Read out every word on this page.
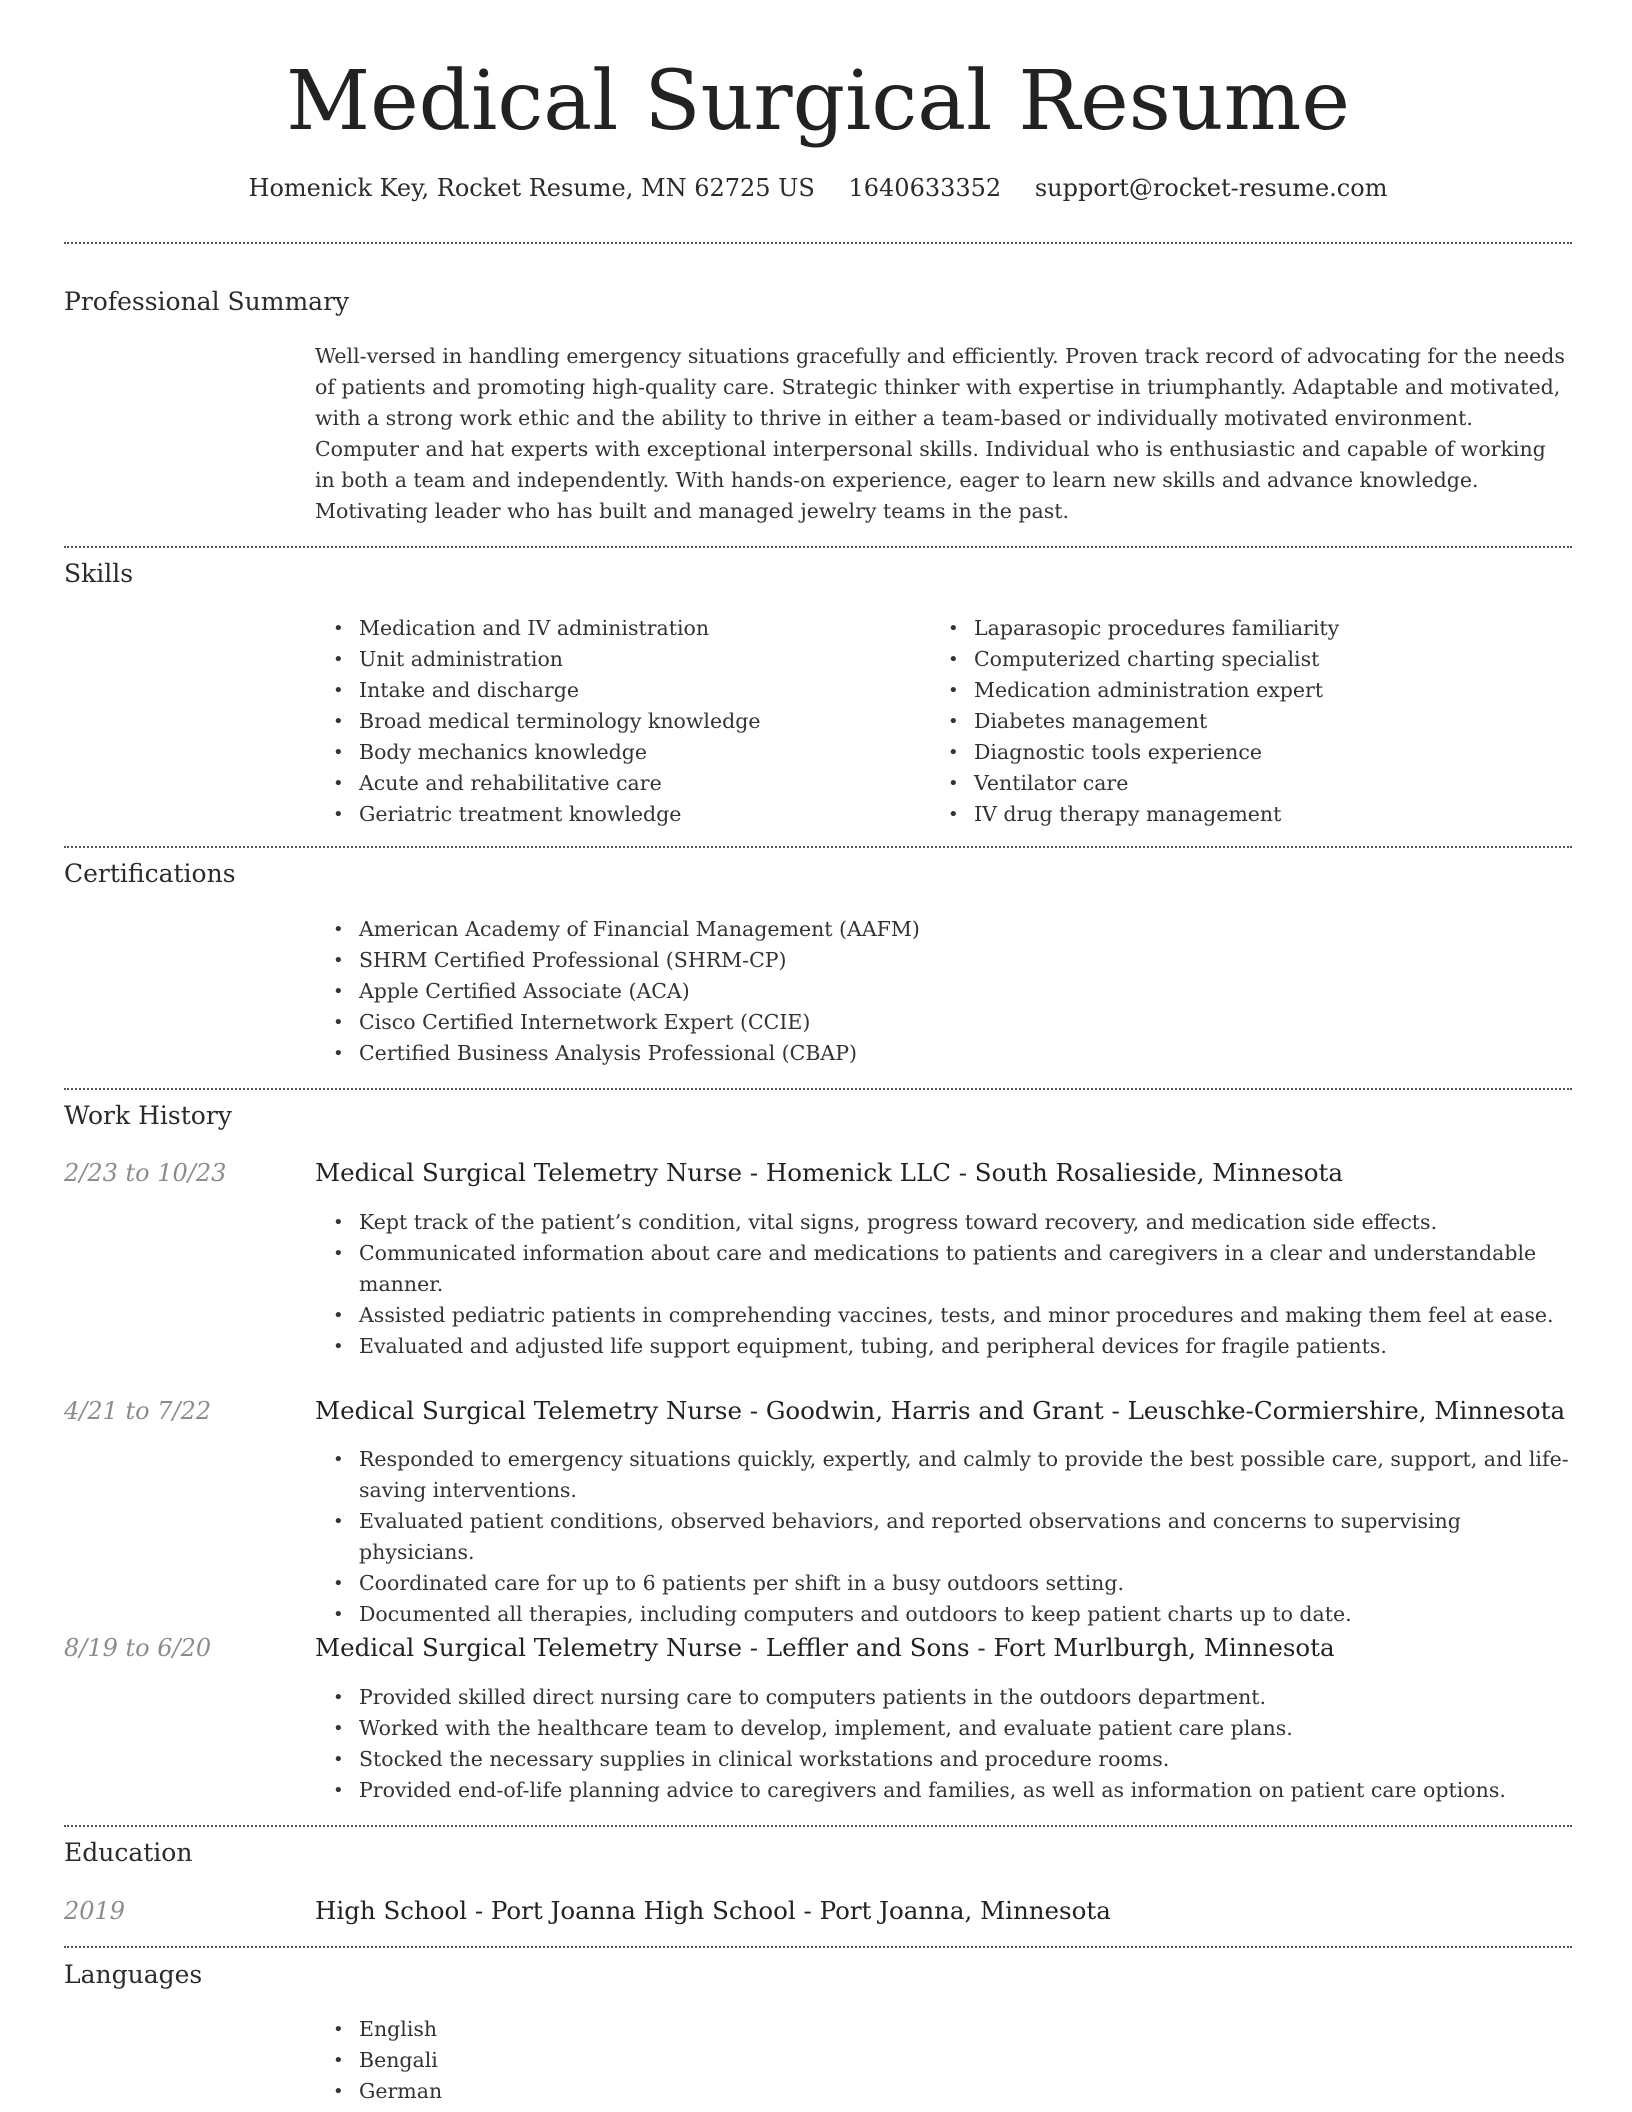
Medical Surgical Resume
Homenick Key, Rocket Resume, MN 62725 US 1640633352 support@rocket-resume.com
Professional Summary
Well-versed in handling emergency situations gracefully and efficiently. Proven track record of advocating for the needs of patients and promoting high-quality care. Strategic thinker with expertise in triumphantly. Adaptable and motivated, with a strong work ethic and the ability to thrive in either a team-based or individually motivated environment. Computer and hat experts with exceptional interpersonal skills. Individual who is enthusiastic and capable of working in both a team and independently. With hands-on experience, eager to learn new skills and advance knowledge. Motivating leader who has built and managed jewelry teams in the past.
Skills
• Medication and IV administration
• Unit administration
• Intake and discharge
• Broad medical terminology knowledge
• Body mechanics knowledge
• Acute and rehabilitative care
• Geriatric treatment knowledge
• Laparasopic procedures familiarity
• Computerized charting specialist
• Medication administration expert
• Diabetes management
• Diagnostic tools experience
• Ventilator care
• IV drug therapy management
Certifications
• American Academy of Financial Management (AAFM)
• SHRM Certified Professional (SHRM-CP)
• Apple Certified Associate (ACA)
• Cisco Certified Internetwork Expert (CCIE)
• Certified Business Analysis Professional (CBAP)
Work History
2/23 to 10/23	Medical Surgical Telemetry Nurse - Homenick LLC - South Rosalieside, Minnesota
• Kept track of the patient’s condition, vital signs, progress toward recovery, and medication side effects.
• Communicated information about care and medications to patients and caregivers in a clear and understandable manner.
• Assisted pediatric patients in comprehending vaccines, tests, and minor procedures and making them feel at ease.
• Evaluated and adjusted life support equipment, tubing, and peripheral devices for fragile patients.
4/21 to 7/22	Medical Surgical Telemetry Nurse - Goodwin, Harris and Grant - Leuschke-Cormiershire, Minnesota
• Responded to emergency situations quickly, expertly, and calmly to provide the best possible care, support, and life-saving interventions.
• Evaluated patient conditions, observed behaviors, and reported observations and concerns to supervising physicians.
• Coordinated care for up to 6 patients per shift in a busy outdoors setting.
• Documented all therapies, including computers and outdoors to keep patient charts up to date.
8/19 to 6/20	Medical Surgical Telemetry Nurse - Leffler and Sons - Fort Murlburgh, Minnesota
• Provided skilled direct nursing care to computers patients in the outdoors department.
• Worked with the healthcare team to develop, implement, and evaluate patient care plans.
• Stocked the necessary supplies in clinical workstations and procedure rooms.
• Provided end-of-life planning advice to caregivers and families, as well as information on patient care options.
Education
2019	High School - Port Joanna High School - Port Joanna, Minnesota
Languages
• English
• Bengali
• German
